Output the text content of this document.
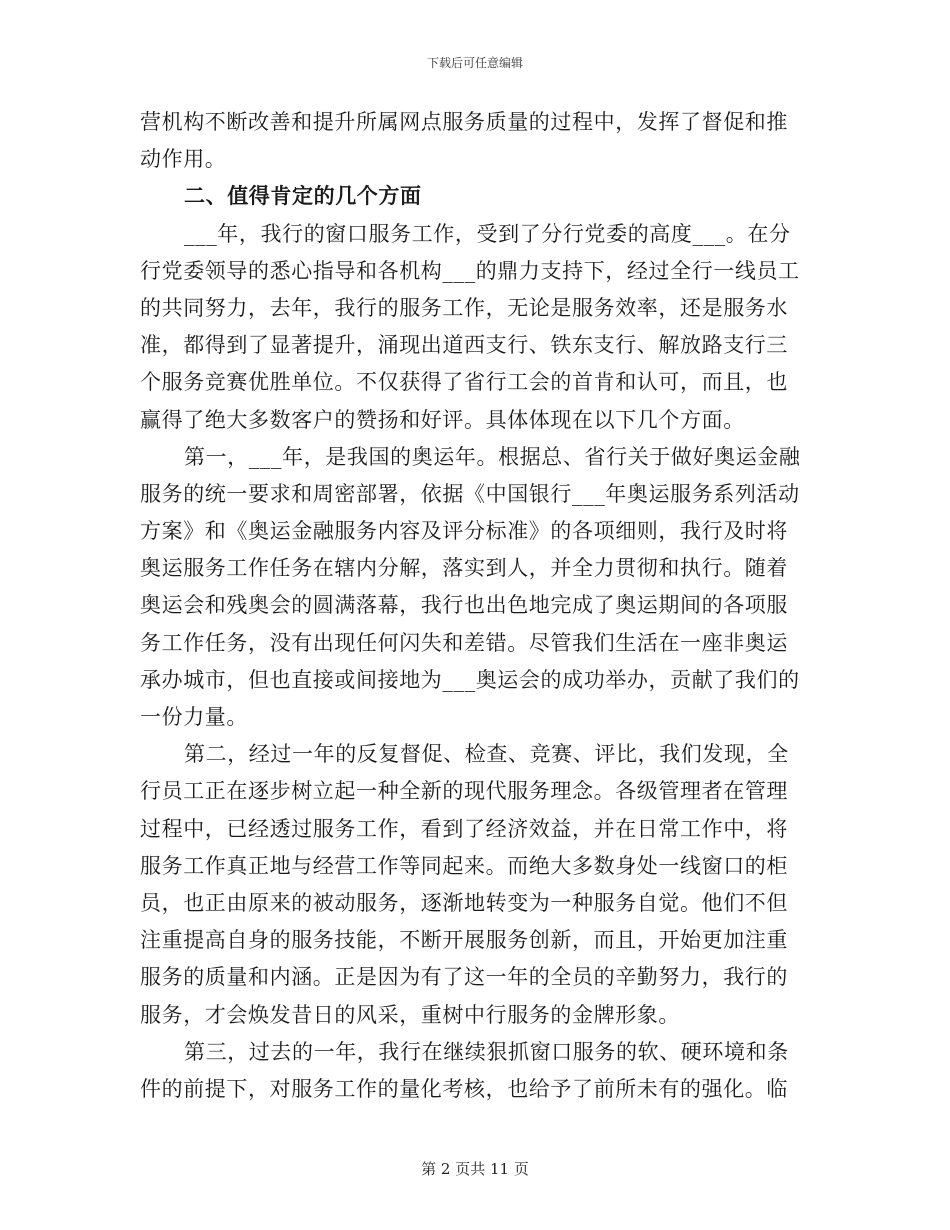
下载后可任意编辑
营机构不断改善和提升所属网点服务质量的过程中，发挥了督促和推
动作用。
二、值得肯定的几个方面
___年，我行的窗口服务工作，受到了分行党委的高度___。在分
行党委领导的悉心指导和各机构___的鼎力支持下，经过全行一线员工
的共同努力，去年，我行的服务工作，无论是服务效率，还是服务水
准，都得到了显著提升，涌现出道西支行、铁东支行、解放路支行三
个服务竞赛优胜单位。不仅获得了省行工会的首肯和认可，而且，也
赢得了绝大多数客户的赞扬和好评。具体体现在以下几个方面。
第一，___年，是我国的奥运年。根据总、省行关于做好奥运金融
服务的统一要求和周密部署，依据《中国银行___年奥运服务系列活动
方案》和《奥运金融服务内容及评分标准》的各项细则，我行及时将
奥运服务工作任务在辖内分解，落实到人，并全力贯彻和执行。随着
奥运会和残奥会的圆满落幕，我行也出色地完成了奥运期间的各项服
务工作任务，没有出现任何闪失和差错。尽管我们生活在一座非奥运
承办城市，但也直接或间接地为___奥运会的成功举办，贡献了我们的
一份力量。
第二，经过一年的反复督促、检查、竞赛、评比，我们发现，全
行员工正在逐步树立起一种全新的现代服务理念。各级管理者在管理
过程中，已经透过服务工作，看到了经济效益，并在日常工作中，将
服务工作真正地与经营工作等同起来。而绝大多数身处一线窗口的柜
员，也正由原来的被动服务，逐渐地转变为一种服务自觉。他们不但
注重提高自身的服务技能，不断开展服务创新，而且，开始更加注重
服务的质量和内涵。正是因为有了这一年的全员的辛勤努力，我行的
服务，才会焕发昔日的风采，重树中行服务的金牌形象。
第三，过去的一年，我行在继续狠抓窗口服务的软、硬环境和条
件的前提下，对服务工作的量化考核，也给予了前所未有的强化。临
第 2 页共 11 页
